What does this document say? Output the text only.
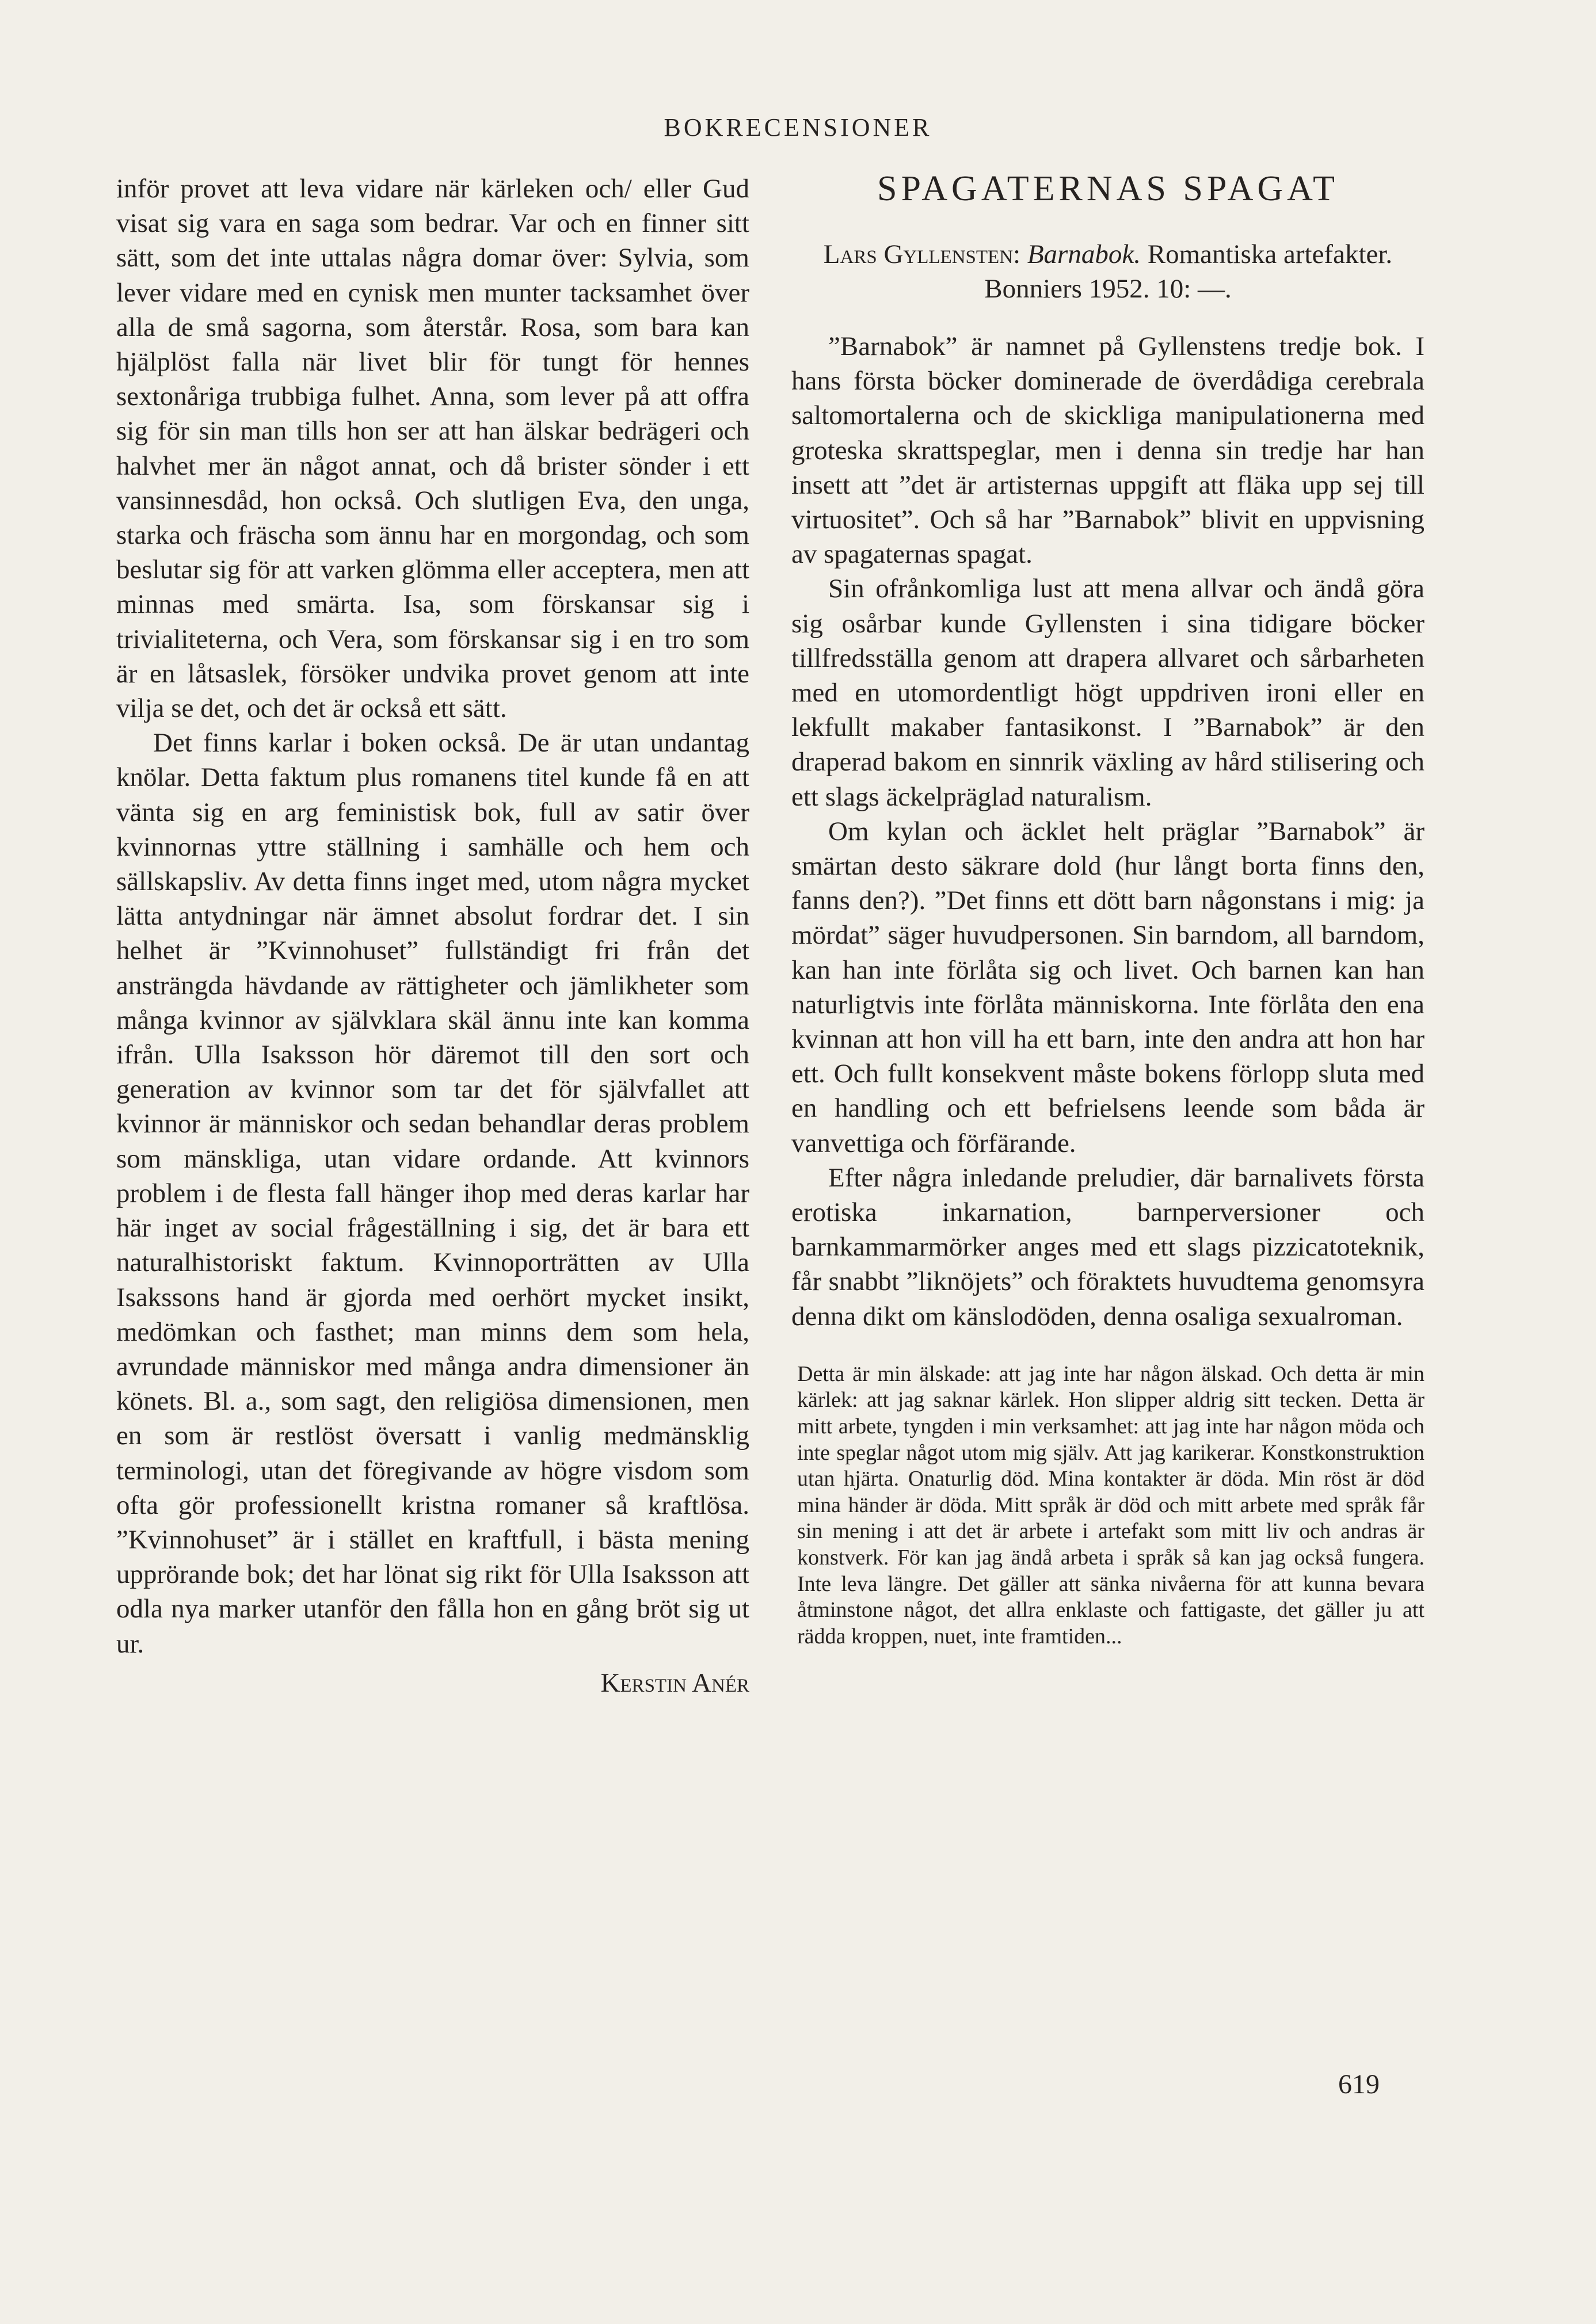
BOKRECENSIONER

inför provet att leva vidare när kärleken och/ eller Gud visat sig vara en saga som bedrar. Var och en finner sitt sätt, som det inte uttalas några domar över: Sylvia, som lever vidare med en cynisk men munter tacksamhet över alla de små sagorna, som återstår. Rosa, som bara kan hjälplöst falla när livet blir för tungt för hennes sextonåriga trubbiga fulhet. Anna, som lever på att offra sig för sin man tills hon ser att han älskar bedrägeri och halvhet mer än något annat, och då brister sönder i ett vansinnesdåd, hon också. Och slutligen Eva, den unga, starka och fräscha som ännu har en morgondag, och som beslutar sig för att varken glömma eller acceptera, men att minnas med smärta. Isa, som förskansar sig i trivialiteterna, och Vera, som förskansar sig i en tro som är en låtsaslek, försöker undvika provet genom att inte vilja se det, och det är också ett sätt.

Det finns karlar i boken också. De är utan undantag knölar. Detta faktum plus romanens titel kunde få en att vänta sig en arg feministisk bok, full av satir över kvinnornas yttre ställning i samhälle och hem och sällskapsliv. Av detta finns inget med, utom några mycket lätta antydningar när ämnet absolut fordrar det. I sin helhet är ”Kvinnohuset” fullständigt fri från det ansträngda hävdande av rättigheter och jämlikheter som många kvinnor av självklara skäl ännu inte kan komma ifrån. Ulla Isaksson hör däremot till den sort och generation av kvinnor som tar det för självfallet att kvinnor är människor och sedan behandlar deras problem som mänskliga, utan vidare ordande. Att kvinnors problem i de flesta fall hänger ihop med deras karlar har här inget av social frågeställning i sig, det är bara ett naturalhistoriskt faktum. Kvinnoporträtten av Ulla Isakssons hand är gjorda med oerhört mycket insikt, medömkan och fasthet; man minns dem som hela, avrundade människor med många andra dimensioner än könets. Bl. a., som sagt, den religiösa dimensionen, men en som är restlöst översatt i vanlig medmänsklig terminologi, utan det föregivande av högre visdom som ofta gör professionellt kristna romaner så kraftlösa. ”Kvinnohuset” är i stället en kraftfull, i bästa mening upprörande bok; det har lönat sig rikt för Ulla Isaksson att odla nya marker utanför den fålla hon en gång bröt sig ut ur.

Kerstin Anér
SPAGATERNAS SPAGAT
Lars Gyllensten: Barnabok. Romantiska artefakter. Bonniers 1952. 10: —.

”Barnabok” är namnet på Gyllenstens tredje bok. I hans första böcker dominerade de överdådiga cerebrala saltomortalerna och de skickliga manipulationerna med groteska skrattspeglar, men i denna sin tredje har han insett att ”det är artisternas uppgift att fläka upp sej till virtuositet”. Och så har ”Barnabok” blivit en uppvisning av spagaternas spagat.

Sin ofrånkomliga lust att mena allvar och ändå göra sig osårbar kunde Gyllensten i sina tidigare böcker tillfredsställa genom att drapera allvaret och sårbarheten med en utomordentligt högt uppdriven ironi eller en lekfullt makaber fantasikonst. I ”Barnabok” är den draperad bakom en sinnrik växling av hård stilisering och ett slags äckelpräglad naturalism.

Om kylan och äcklet helt präglar ”Barnabok” är smärtan desto säkrare dold (hur långt borta finns den, fanns den?). ”Det finns ett dött barn någonstans i mig: ja mördat” säger huvudpersonen. Sin barndom, all barndom, kan han inte förlåta sig och livet. Och barnen kan han naturligtvis inte förlåta människorna. Inte förlåta den ena kvinnan att hon vill ha ett barn, inte den andra att hon har ett. Och fullt konsekvent måste bokens förlopp sluta med en handling och ett befrielsens leende som båda är vanvettiga och förfärande.

Efter några inledande preludier, där barnalivets första erotiska inkarnation, barnperversioner och barnkammarmörker anges med ett slags pizzicatoteknik, får snabbt ”liknöjets” och föraktets huvudtema genomsyra denna dikt om känslodöden, denna osaliga sexualroman.

Detta är min älskade: att jag inte har någon älskad. Och detta är min kärlek: att jag saknar kärlek. Hon slipper aldrig sitt tecken. Detta är mitt arbete, tyngden i min verksamhet: att jag inte har någon möda och inte speglar något utom mig själv. Att jag karikerar. Konstkonstruktion utan hjärta. Onaturlig död. Mina kontakter är döda. Min röst är död mina händer är döda. Mitt språk är död och mitt arbete med språk får sin mening i att det är arbete i artefakt som mitt liv och andras är konstverk. För kan jag ändå arbeta i språk så kan jag också fungera. Inte leva längre. Det gäller att sänka nivåerna för att kunna bevara åtminstone något, det allra enklaste och fattigaste, det gäller ju att rädda kroppen, nuet, inte framtiden...
619
